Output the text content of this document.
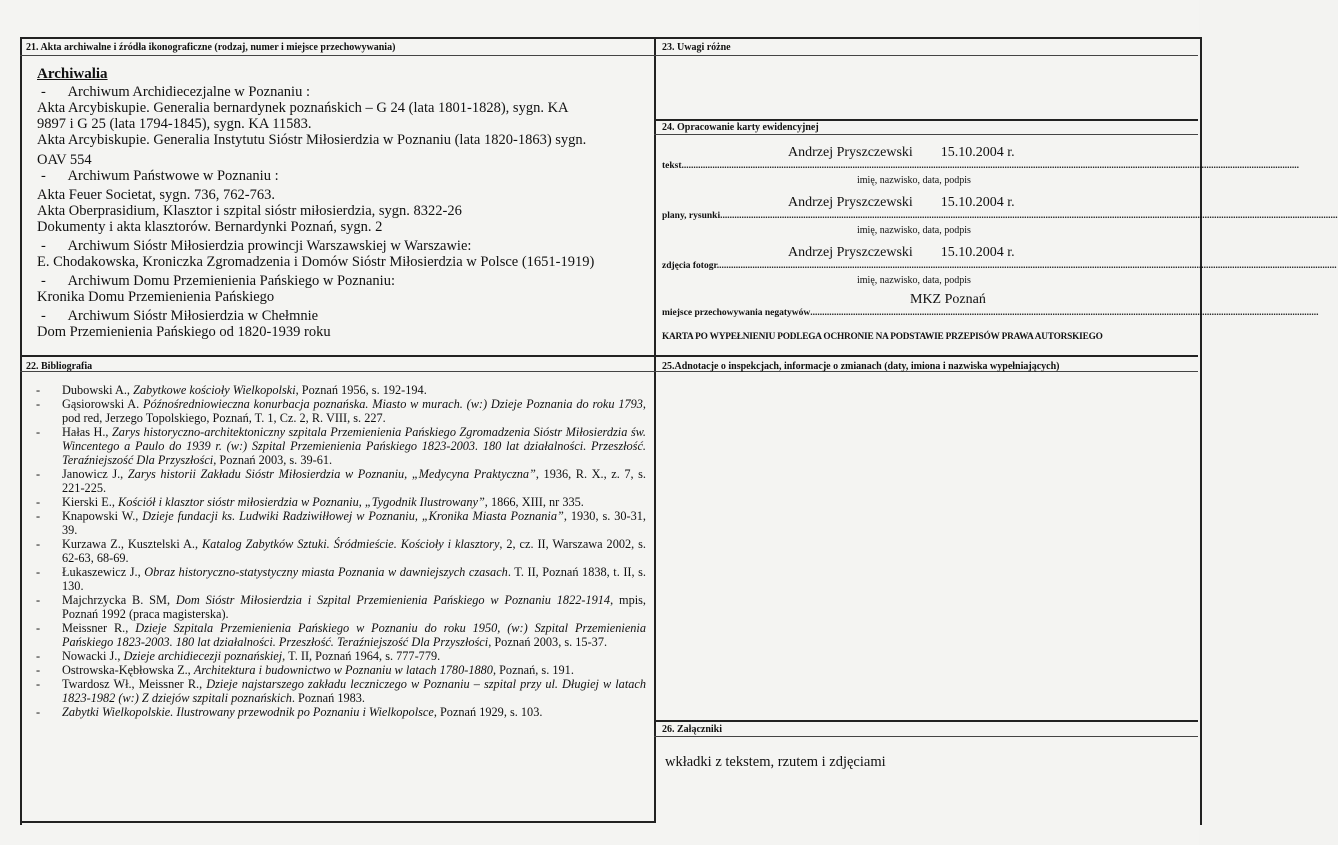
21. Akta archiwalne i źródła ikonograficzne (rodzaj, numer i miejsce przechowywania)	23. Uwagi różne
24. Opracowanie karty ewidencyjnej
22. Bibliografia	25.Adnotacje o inspekcjach, informacje o zmianach (daty, imiona i nazwiska wypełniających)
26. Załączniki
Archiwalia
-      Archiwum Archidiecezjalne w Poznaniu :
Akta Arcybiskupie. Generalia bernardynek poznańskich – G 24 (lata 1801-1828), sygn. KA
9897 i G 25 (lata 1794-1845), sygn. KA 11583.
Akta Arcybiskupie. Generalia Instytutu Sióstr Miłosierdzia w Poznaniu (lata 1820-1863) sygn.
OAV 554
-      Archiwum Państwowe w Poznaniu :
Akta Feuer Societat, sygn. 736, 762-763.
Akta Oberprasidium, Klasztor i szpital sióstr miłosierdzia, sygn. 8322-26
Dokumenty i akta klasztorów. Bernardynki Poznań, sygn. 2
-      Archiwum Sióstr Miłosierdzia prowincji Warszawskiej w Warszawie:
E. Chodakowska, Kroniczka Zgromadzenia i Domów Sióstr Miłosierdzia w Polsce (1651-1919)
-      Archiwum Domu Przemienienia Pańskiego w Poznaniu:
Kronika Domu Przemienienia Pańskiego
-      Archiwum Sióstr Miłosierdzia w Chełmnie
Dom Przemienienia Pańskiego od 1820-1939 roku
- Dubowski A., Zabytkowe kościoły Wielkopolski, Poznań 1956, s. 192-194.
- Gąsiorowski A. Późnośredniowieczna konurbacja poznańska. Miasto w murach. (w:) Dzieje Poznania do roku 1793, pod red, Jerzego Topolskiego, Poznań, T. 1, Cz. 2, R. VIII, s. 227.
- Hałas H., Zarys historyczno-architektoniczny szpitala Przemienienia Pańskiego Zgromadzenia Sióstr Miłosierdzia św. Wincentego a Paulo do 1939 r. (w:) Szpital Przemienienia Pańskiego 1823-2003. 180 lat działalności. Przeszłość. Teraźniejszość Dla Przyszłości, Poznań 2003, s. 39-61.
- Janowicz J., Zarys historii Zakładu Sióstr Miłosierdzia w Poznaniu, „Medycyna Praktyczna”, 1936, R. X., z. 7, s. 221-225.
- Kierski E., Kościół i klasztor sióstr miłosierdzia w Poznaniu, „Tygodnik Ilustrowany”, 1866, XIII, nr 335.
- Knapowski W., Dzieje fundacji ks. Ludwiki Radziwiłłowej w Poznaniu, „Kronika Miasta Poznania”, 1930, s. 30-31, 39.
- Kurzawa Z., Kusztelski A., Katalog Zabytków Sztuki. Śródmieście. Kościoły i klasztory, 2, cz. II, Warszawa 2002, s. 62-63, 68-69.
- Łukaszewicz J., Obraz historyczno-statystyczny miasta Poznania w dawniejszych czasach. T. II, Poznań 1838, t. II, s. 130.
- Majchrzycka B. SM, Dom Sióstr Miłosierdzia i Szpital Przemienienia Pańskiego w Poznaniu 1822-1914, mpis, Poznań 1992 (praca magisterska).
- Meissner R., Dzieje Szpitala Przemienienia Pańskiego w Poznaniu do roku 1950, (w:) Szpital Przemienienia Pańskiego 1823-2003. 180 lat działalności. Przeszłość. Teraźniejszość Dla Przyszłości, Poznań 2003, s. 15-37.
- Nowacki J., Dzieje archidiecezji poznańskiej, T. II, Poznań 1964, s. 777-779.
- Ostrowska-Kębłowska Z., Architektura i budownictwo w Poznaniu w latach 1780-1880, Poznań, s. 191.
- Twardosz Wł., Meissner R., Dzieje najstarszego zakładu leczniczego w Poznaniu – szpital przy ul. Długiej w latach 1823-1982 (w:) Z dziejów szpitali poznańskich. Poznań 1983.
- Zabytki Wielkopolskie. Ilustrowany przewodnik po Poznaniu i Wielkopolsce, Poznań 1929, s. 103.
Andrzej Pryszczewski        15.10.2004 r.
tekst....................................................................................................................................................................................................................................................................
imię, nazwisko, data, podpis
Andrzej Pryszczewski        15.10.2004 r.
plany, rysunki....................................................................................................................................................................................................................................................................
imię, nazwisko, data, podpis
Andrzej Pryszczewski        15.10.2004 r.
zdjęcia fotogr.....................................................................................................................................................................................................................................................................
imię, nazwisko, data, podpis
miejsce przechowywania negatywów......................................................................................................................................................................................................................
MKZ Poznań
KARTA PO WYPEŁNIENIU PODLEGA OCHRONIE NA PODSTAWIE PRZEPISÓW PRAWA AUTORSKIEGO
wkładki z tekstem, rzutem i zdjęciami
